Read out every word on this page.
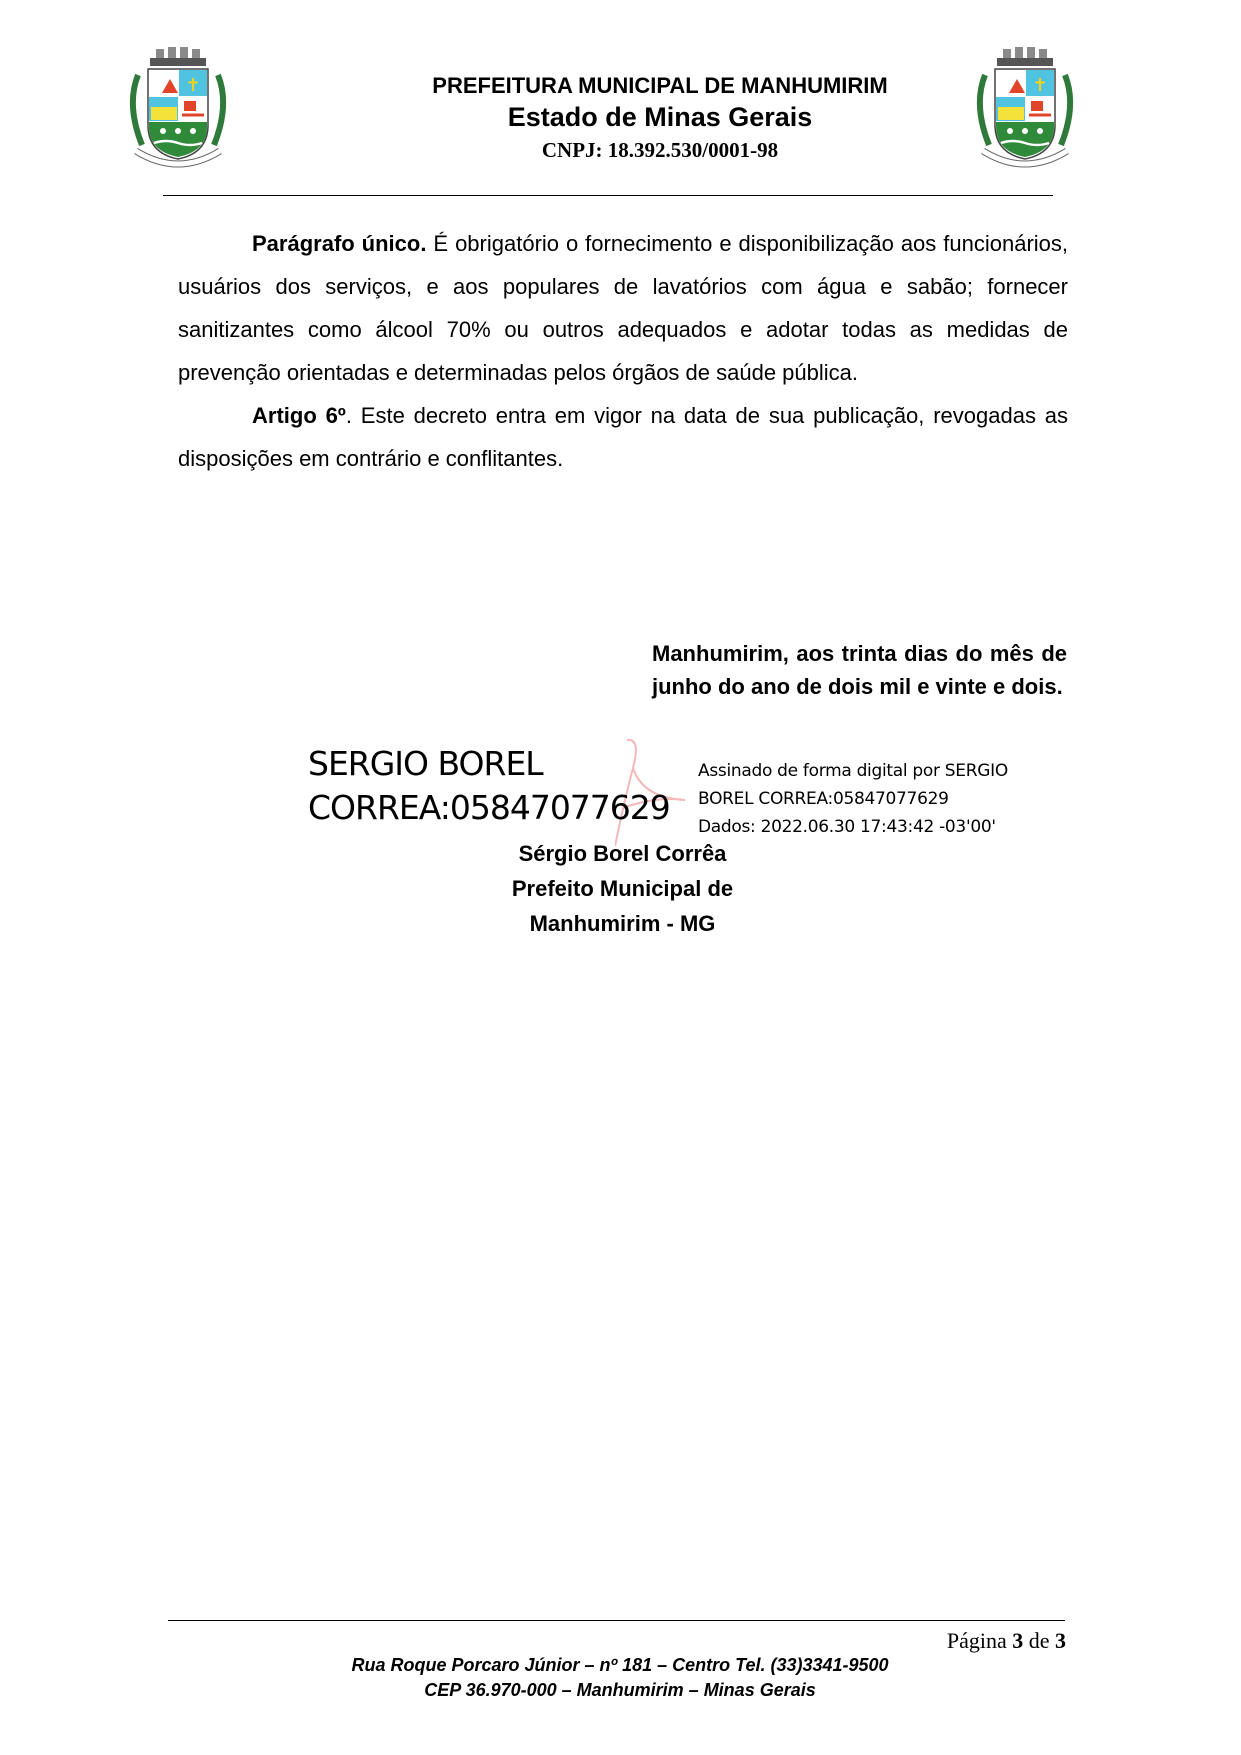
✝	✝
PREFEITURA MUNICIPAL DE MANHUMIRIM
Estado de Minas Gerais
CNPJ: 18.392.530/0001-98

Parágrafo único. É obrigatório o fornecimento e disponibilização aos funcionários, usuários dos serviços, e aos populares de lavatórios com água e sabão; fornecer sanitizantes como álcool 70% ou outros adequados e adotar todas as medidas de prevenção orientadas e determinadas pelos órgãos de saúde pública.

Artigo 6º. Este decreto entra em vigor na data de sua publicação, revogadas as disposições em contrário e conflitantes.

Manhumirim, aos trinta dias do mês de junho do ano de dois mil e vinte e dois.
SERGIO BOREL
CORREA:05847077629
Assinado de forma digital por SERGIO
BOREL CORREA:05847077629
Dados: 2022.06.30 17:43:42 -03'00'
Sérgio Borel Corrêa
Prefeito Municipal de
Manhumirim - MG
Página 3 de 3
Rua Roque Porcaro Júnior – nº 181 – Centro Tel. (33)3341-9500
CEP 36.970-000 – Manhumirim – Minas Gerais
